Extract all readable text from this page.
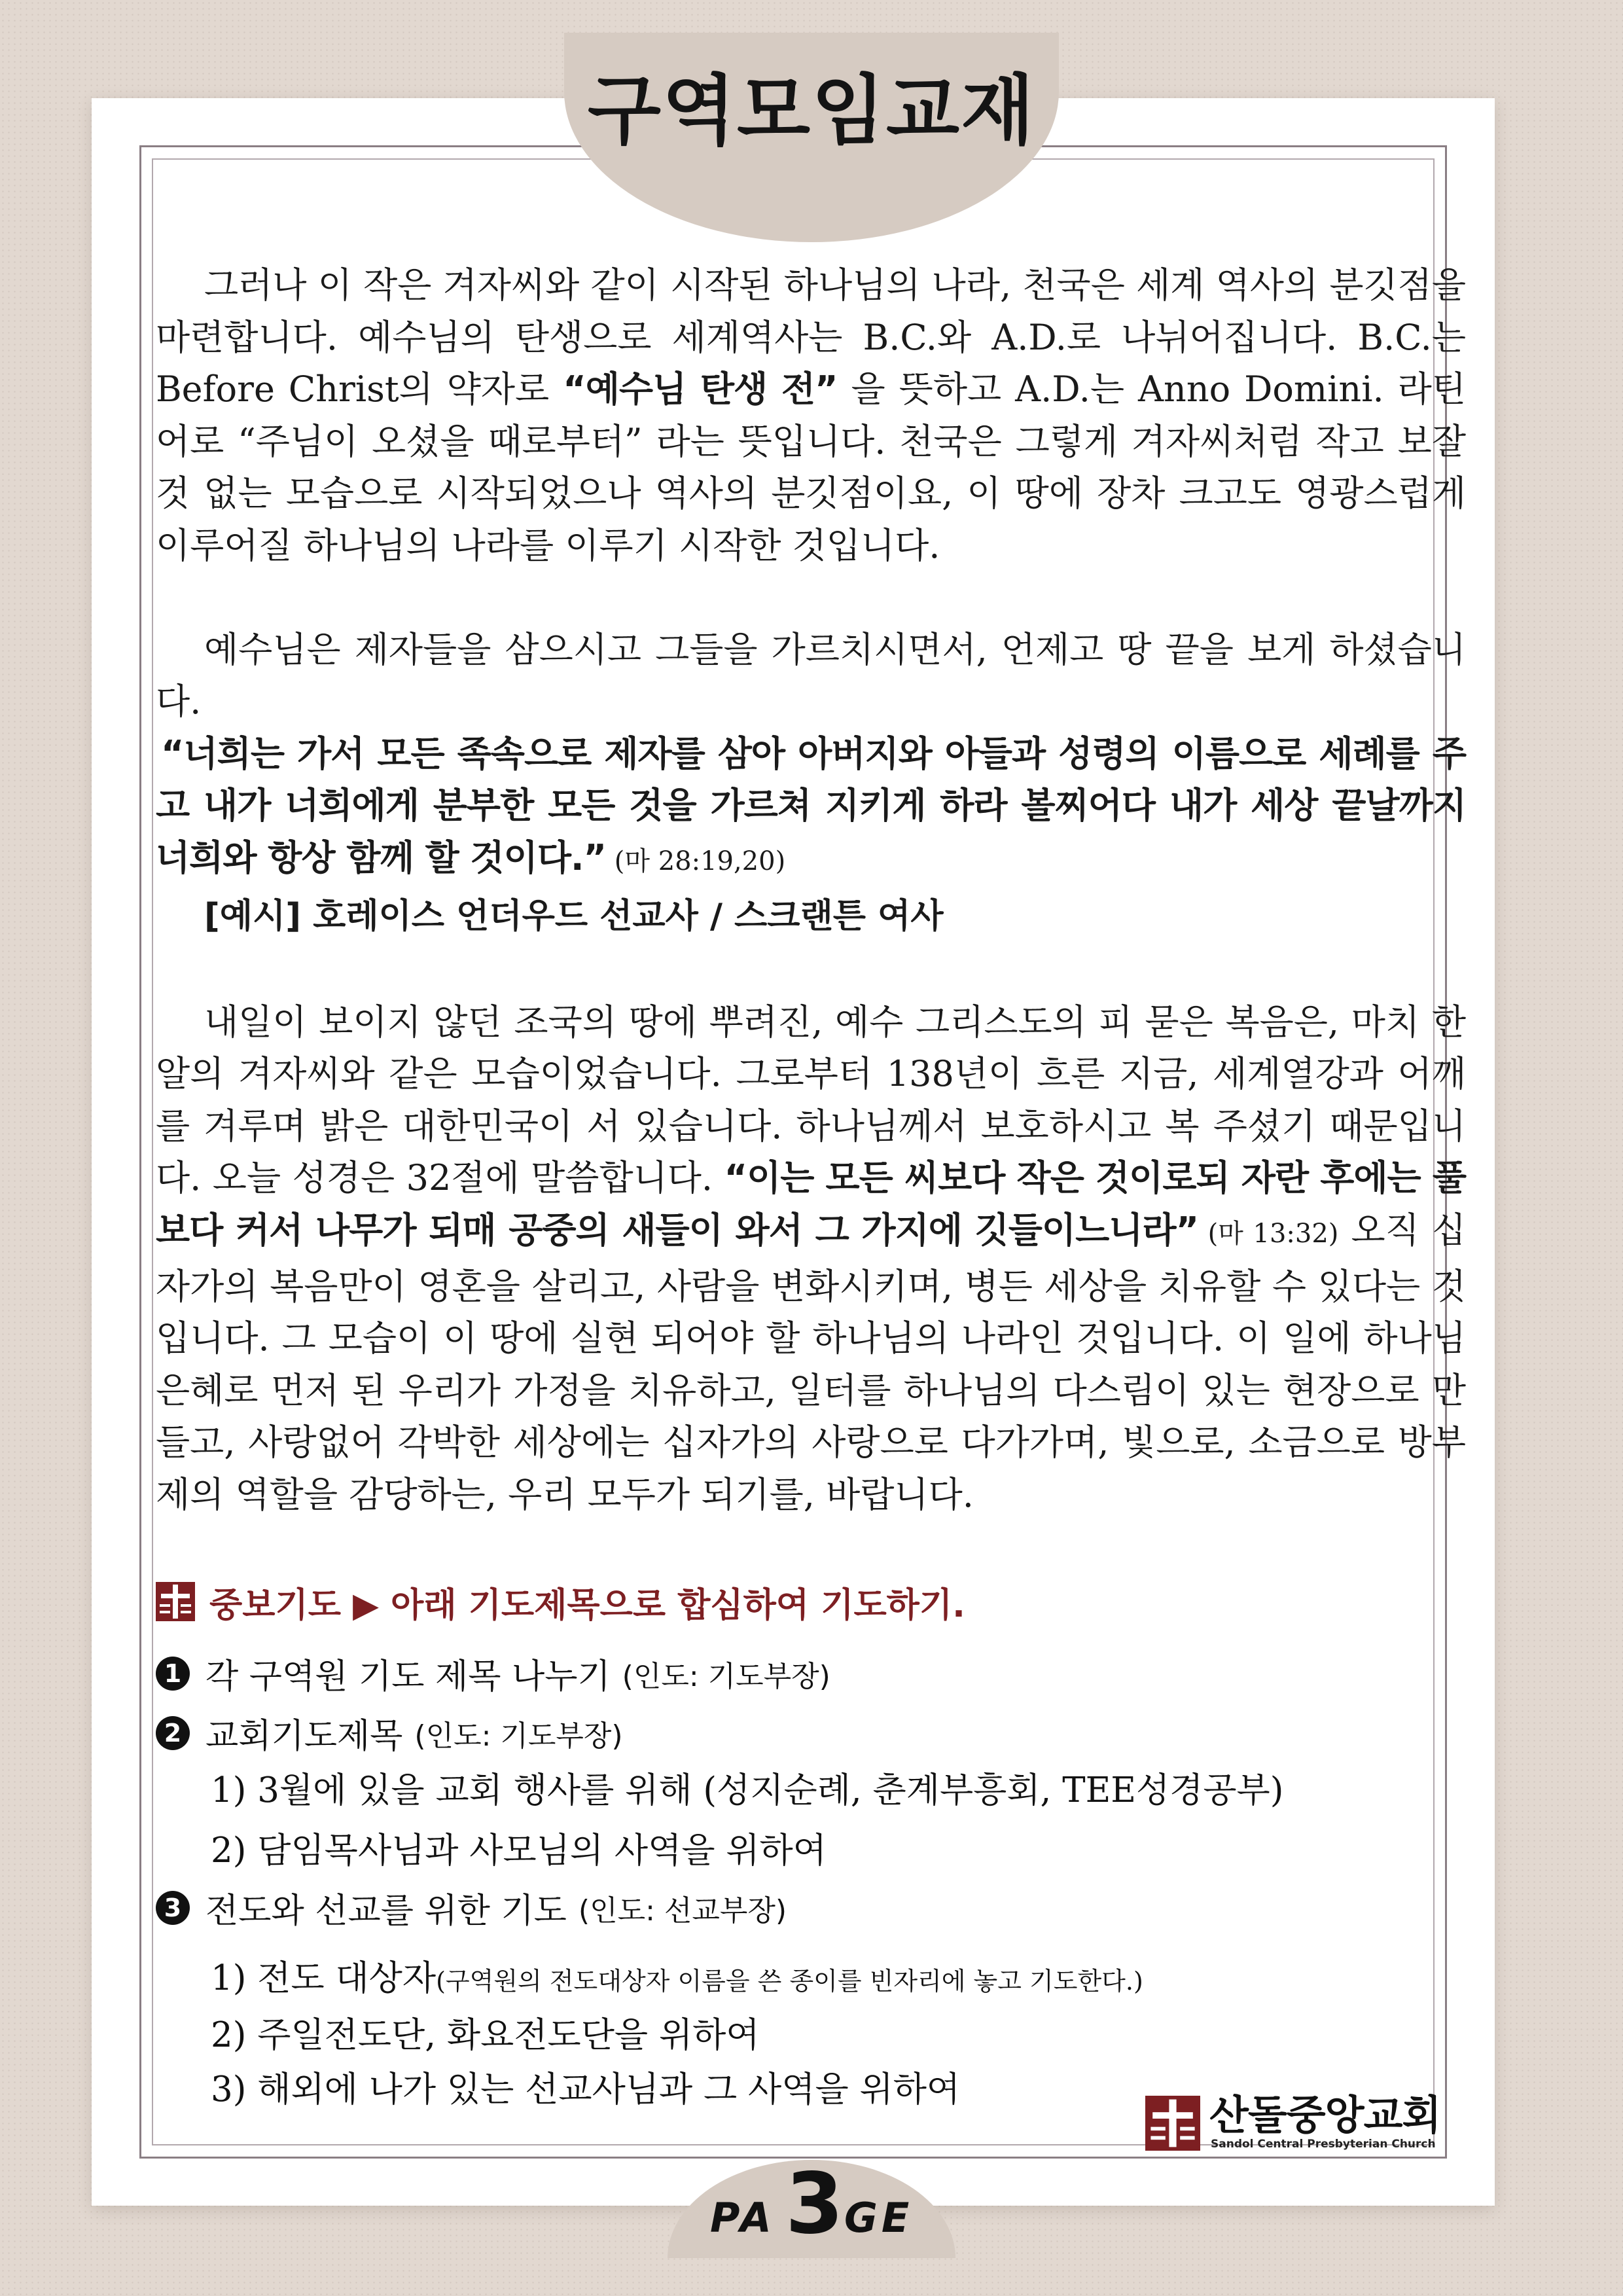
구역모임교재

그러나 이 작은 겨자씨와 같이 시작된 하나님의 나라, 천국은 세계 역사의 분깃점을 마련합니다. 예수님의 탄생으로 세계역사는 B.C.와 A.D.로 나뉘어집니다. B.C.는 Before Christ의 약자로 “예수님 탄생 전” 을 뜻하고 A.D.는 Anno Domini. 라틴어로 “주님이 오셨을 때로부터” 라는 뜻입니다. 천국은 그렇게 겨자씨처럼 작고 보잘 것 없는 모습으로 시작되었으나 역사의 분깃점이요, 이 땅에 장차 크고도 영광스럽게 이루어질 하나님의 나라를 이루기 시작한 것입니다.

예수님은 제자들을 삼으시고 그들을 가르치시면서, 언제고 땅 끝을 보게 하셨습니다.

“너희는 가서 모든 족속으로 제자를 삼아 아버지와 아들과 성령의 이름으로 세례를 주고 내가 너희에게 분부한 모든 것을 가르쳐 지키게 하라 볼찌어다 내가 세상 끝날까지 너희와 항상 함께 할 것이다.” (마 28:19,20)

[예시] 호레이스 언더우드 선교사 / 스크랜튼 여사

내일이 보이지 않던 조국의 땅에 뿌려진, 예수 그리스도의 피 묻은 복음은, 마치 한 알의 겨자씨와 같은 모습이었습니다. 그로부터 138년이 흐른 지금, 세계열강과 어깨를 겨루며 밝은 대한민국이 서 있습니다. 하나님께서 보호하시고 복 주셨기 때문입니다. 오늘 성경은 32절에 말씀합니다. “이는 모든 씨보다 작은 것이로되 자란 후에는 풀보다 커서 나무가 되매 공중의 새들이 와서 그 가지에 깃들이느니라” (마 13:32) 오직 십자가의 복음만이 영혼을 살리고, 사람을 변화시키며, 병든 세상을 치유할 수 있다는 것입니다. 그 모습이 이 땅에 실현 되어야 할 하나님의 나라인 것입니다. 이 일에 하나님 은혜로 먼저 된 우리가 가정을 치유하고, 일터를 하나님의 다스림이 있는 현장으로 만들고, 사랑없어 각박한 세상에는 십자가의 사랑으로 다가가며, 빛으로, 소금으로 방부제의 역할을 감당하는, 우리 모두가 되기를, 바랍니다.

중보기도 ▶ 아래 기도제목으로 합심하여 기도하기.
1 각 구역원 기도 제목 나누기 (인도: 기도부장)
2 교회기도제목 (인도: 기도부장)
1) 3월에 있을 교회 행사를 위해 (성지순례, 춘계부흥회, TEE성경공부)
2) 담임목사님과 사모님의 사역을 위하여
3 전도와 선교를 위한 기도 (인도: 선교부장)
1) 전도 대상자(구역원의 전도대상자 이름을 쓴 종이를 빈자리에 놓고 기도한다.)
2) 주일전도단, 화요전도단을 위하여
3) 해외에 나가 있는 선교사님과 그 사역을 위하여
산돌중앙교회
Sandol Central Presbyterian Church
PA 3 GE
